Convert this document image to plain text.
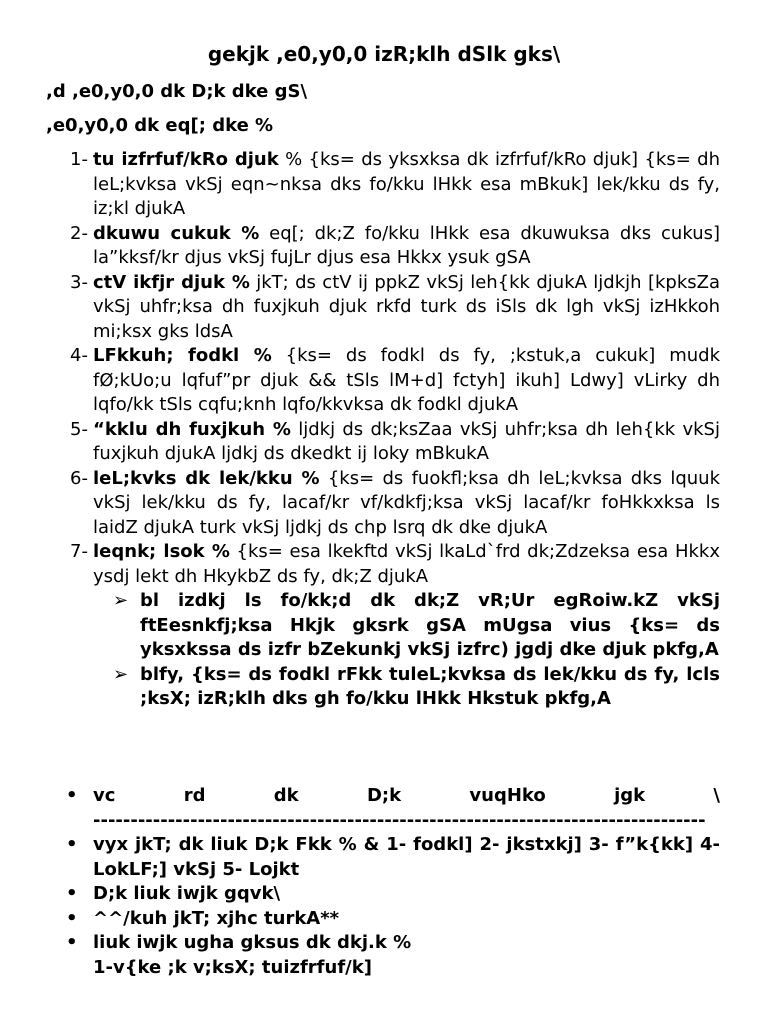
gekjk ,e0,y0,0 izR;klh dSlk gks\
,d ,e0,y0,0 dk D;k dke gS\
,e0,y0,0 dk eq[; dke %
1- tu izfrfuf/kRo djuk % {ks= ds yksxksa dk izfrfuf/kRo djuk] {ks= dh leL;kvksa vkSj eqn~nksa dks fo/kku lHkk esa mBkuk] lek/kku ds fy, iz;kl djukA
2- dkuwu cukuk % eq[; dk;Z fo/kku lHkk esa dkuwuksa dks cukus] la”kksf/kr djus vkSj fujLr djus esa Hkkx ysuk gSA
3- ctV ikfjr djuk % jkT; ds ctV ij ppkZ vkSj leh{kk djukA ljdkjh [kpksZa vkSj uhfr;ksa dh fuxjkuh djuk rkfd turk ds iSls dk lgh vkSj izHkkoh mi;ksx gks ldsA
4- LFkkuh; fodkl % {ks= ds fodkl ds fy, ;kstuk,a cukuk] mudk fØ;kUo;u lqfuf”pr djuk && tSls lM+d] fctyh] ikuh] Ldwy] vLirky dh lqfo/kk tSls cqfu;knh lqfo/kkvksa dk fodkl djukA
5- “kklu dh fuxjkuh % ljdkj ds dk;ksZaa vkSj uhfr;ksa dh leh{kk vkSj fuxjkuh djukA ljdkj ds dkedkt ij loky mBkukA
6- leL;kvks dk lek/kku % {ks= ds fuokfl;ksa dh leL;kvksa dks lquuk vkSj lek/kku ds fy, lacaf/kr vf/kdkfj;ksa vkSj lacaf/kr foHkkxksa ls laidZ djukA turk vkSj ljdkj ds chp lsrq dk dke djukA
7- leqnk; lsok % {ks= esa lkekftd vkSj lkaLd`frd dk;Zdzeksa esa Hkkx ysdj lekt dh HkykbZ ds fy, dk;Z djukA
➢ bl izdkj ls fo/kk;d dk dk;Z vR;Ur egRoiw.kZ vkSj ftEesnkfj;ksa Hkjk gksrk gSA mUgsa vius {ks= ds yksxkssa ds izfr bZekunkj vkSj izfrc) jgdj dke djuk pkfg,A
➢ blfy, {ks= ds fodkl rFkk tuleL;kvksa ds lek/kku ds fy, lcls ;ksX; izR;klh dks gh fo/kku lHkk Hkstuk pkfg,A
• vc	rd	dk	D;k	vuqHko	jgk	\
----------------------------------------------------------------------------------
• vyx jkT; dk liuk D;k Fkk % & 1- fodkl] 2- jkstxkj] 3- f”k{kk] 4- LokLF;] vkSj 5- Lojkt
• D;k liuk iwjk gqvk\
• ^^/kuh jkT; xjhc turkA**
• liuk iwjk ugha gksus dk dkj.k %
1-v{ke ;k v;ksX; tuizfrfuf/k]
